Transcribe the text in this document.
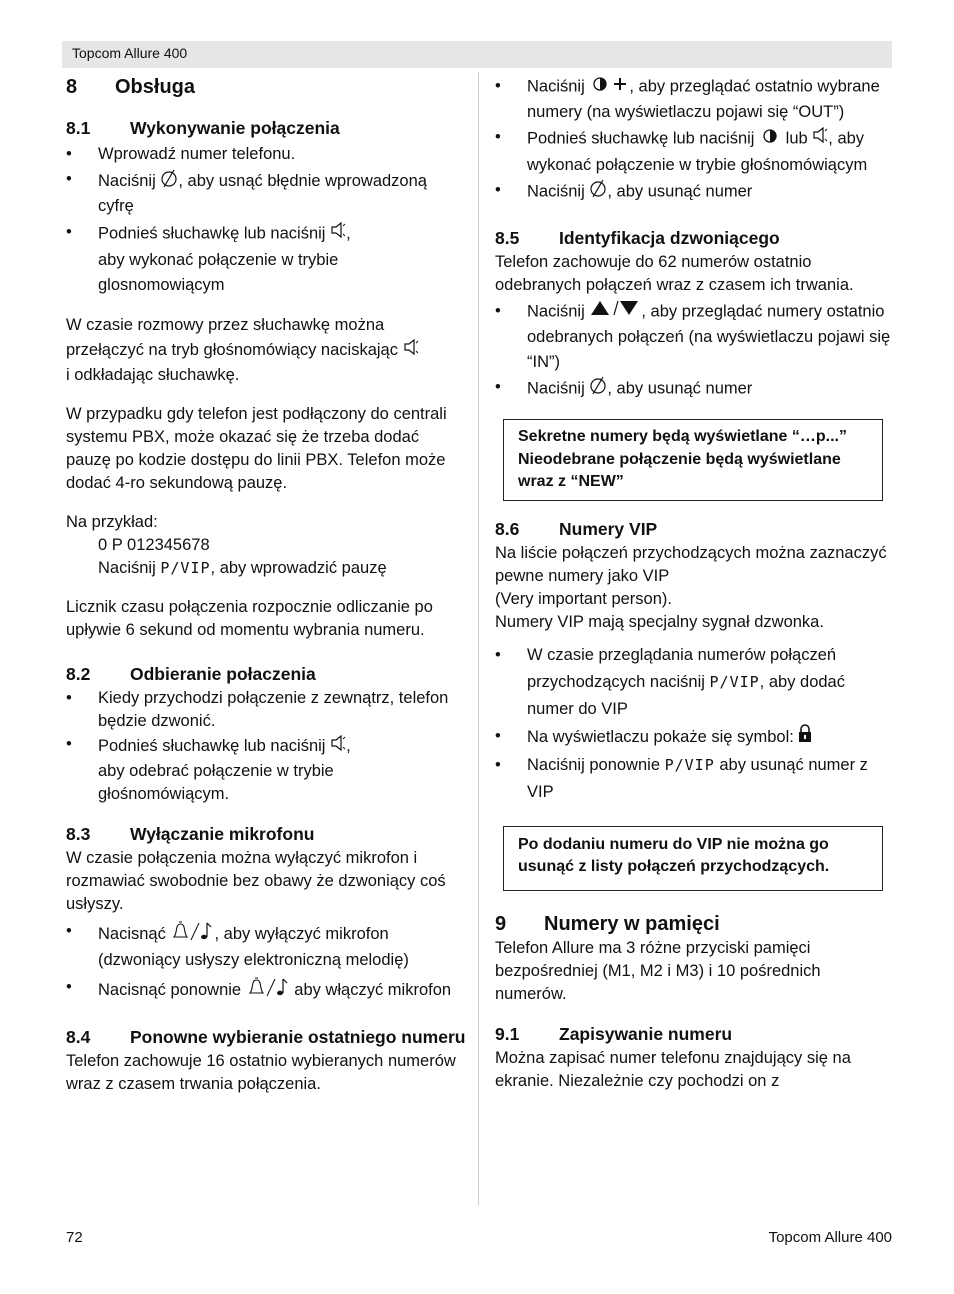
Topcom Allure 400
8	Obsługa
8.1	Wykonywanie połączenia
• Wprowadź numer telefonu.
• Naciśnij , aby usnąć błędnie wprowadzoną cyfrę
• Podnieś słuchawkę lub naciśnij ,
aby wykonać połączenie w trybie glosnomowiącym

W czasie rozmowy przez słuchawkę można przełączyć na tryb głośnomówiący naciskając
i odkładając słuchawkę.

W przypadku gdy telefon jest podłączony do centrali systemu PBX, może okazać się że trzeba dodać pauzę po kodzie dostępu do linii PBX. Telefon może dodać 4-ro sekundową pauzę.

Na przykład:

0 P 012345678

Naciśnij P/VIP, aby wprowadzić pauzę

Licznik czasu połączenia rozpocznie odliczanie po upływie 6 sekund od momentu wybrania numeru.

8.2	Odbieranie połaczenia
• Kiedy przychodzi połączenie z zewnątrz, telefon będzie dzwonić.
• Podnieś słuchawkę lub naciśnij ,
aby odebrać połączenie w trybie głośnomówiącym.
8.3	Wyłączanie mikrofonu

W czasie połączenia można wyłączyć mikrofon i rozmawiać swobodnie bez obawy że dzwoniący coś usłyszy.

• Nacisnąć	, aby wyłączyć mikrofon (dzwoniący usłyszy elektroniczną melodię)
• Nacisnąć ponownie	aby włączyć mikrofon
8.4	Ponowne wybieranie ostatniego numeru

Telefon zachowuje 16 ostatnio wybieranych numerów wraz z czasem trwania połączenia.

• Naciśnij	, aby przeglądać ostatnio wybrane numery (na wyświetlaczu pojawi się “OUT”)
• Podnieś słuchawkę lub naciśnij lub , aby wykonać połączenie w trybie głośnomówiącym
• Naciśnij , aby usunąć numer
8.5	Identyfikacja dzwoniącego

Telefon zachowuje do 62 numerów ostatnio odebranych połączeń wraz z czasem ich trwania.

• Naciśnij	, aby przeglądać numery ostatnio odebranych połączeń (na wyświetlaczu pojawi się “IN”)
• Naciśnij , aby usunąć numer
Sekretne numery będą wyświetlane “…p...”
Nieodebrane połączenie będą wyświetlane wraz z “NEW”
8.6	Numery VIP

Na liście połączeń przychodzących można zaznaczyć pewne numery jako VIP

(Very important person).

Numery VIP mają specjalny sygnał dzwonka.

• W czasie przeglądania numerów połączeń przychodzących naciśnij P/VIP, aby dodać numer do VIP
• Na wyświetlaczu pokaże się symbol:
• Naciśnij ponownie P/VIP aby usunąć numer z VIP
Po dodaniu numeru do VIP nie można go usunąć z listy połączeń przychodzących.
9	Numery w pamięci

Telefon Allure ma 3 różne przyciski pamięci bezpośredniej (M1, M2 i M3) i 10 pośrednich numerów.

9.1	Zapisywanie numeru

Można zapisać numer telefonu znajdujący się na ekranie. Niezależnie czy pochodzi on z

72	Topcom Allure 400
